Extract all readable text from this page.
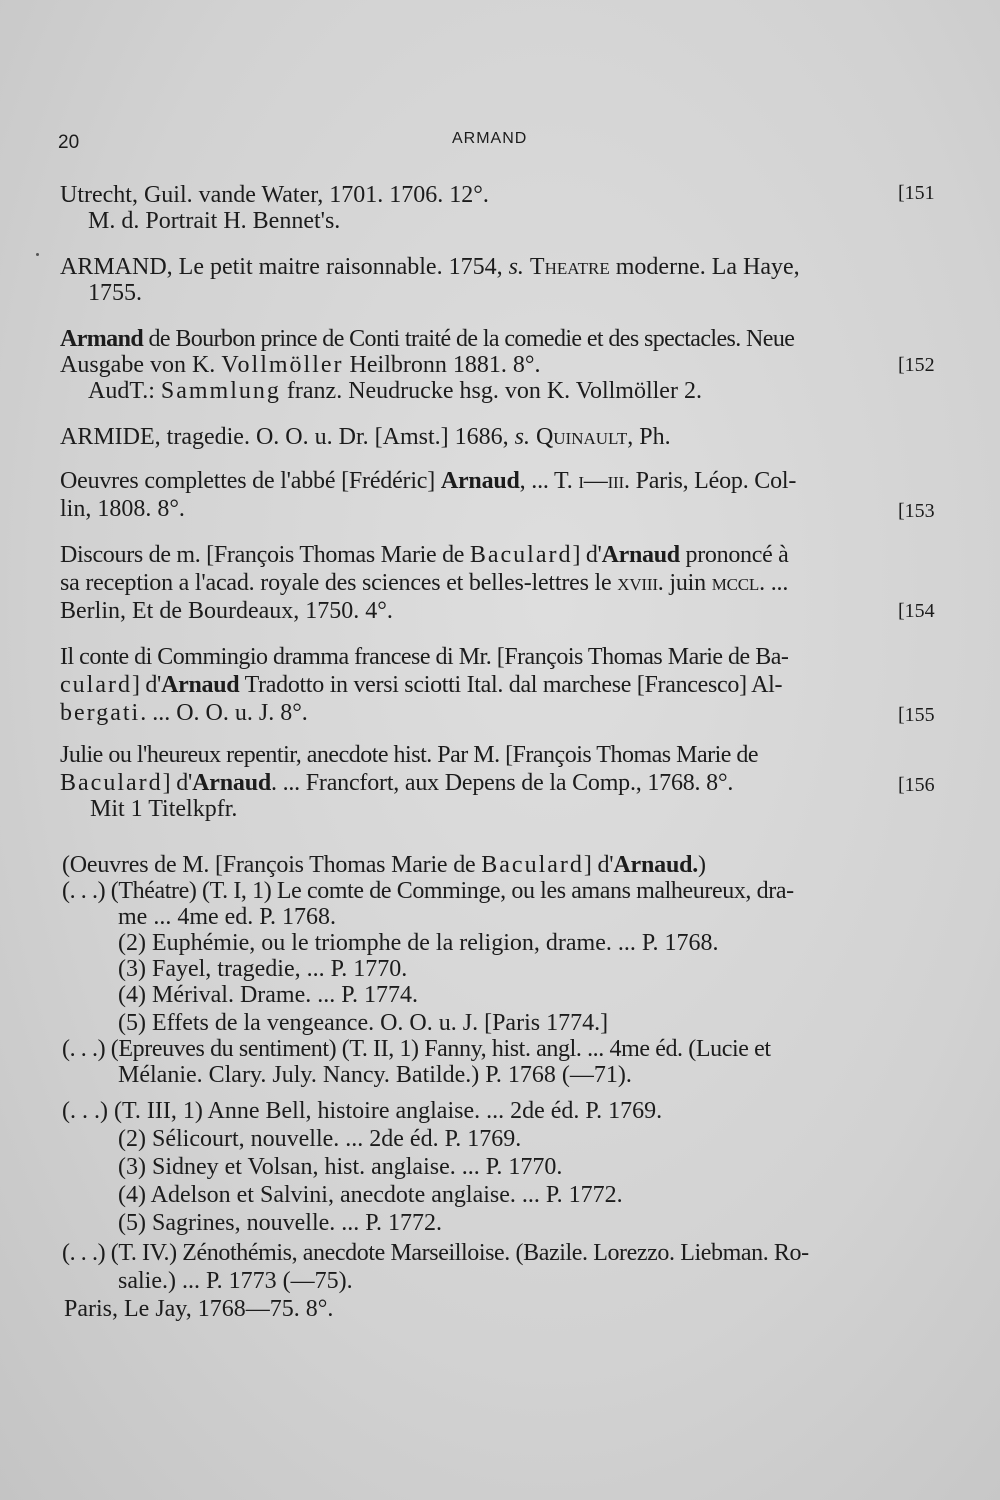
20	ARMAND
Utrecht, Guil. vande Water, 1701. 1706. 12°.	[151
M. d. Portrait H. Bennet's.
ARMAND, Le petit maitre raisonnable. 1754, s. Theatre moderne. La Haye,
1755.
Armand de Bourbon prince de Conti traité de la comedie et des spectacles. Neue
Ausgabe von K. Vollmöller Heilbronn 1881. 8°.	[152
AudT.: Sammlung franz. Neudrucke hsg. von K. Vollmöller 2.
ARMIDE, tragedie. O. O. u. Dr. [Amst.] 1686, s. Quinault, Ph.
Oeuvres complettes de l'abbé [Frédéric] Arnaud, ... T. i—iii. Paris, Léop. Col-
lin, 1808. 8°.	[153
Discours de m. [François Thomas Marie de Baculard] d'Arnaud prononcé à
sa reception a l'acad. royale des sciences et belles-lettres le xviii. juin mccl. ...
Berlin, Et de Bourdeaux, 1750. 4°.	[154
Il conte di Commingio dramma francese di Mr. [François Thomas Marie de Ba-
culard] d'Arnaud Tradotto in versi sciotti Ital. dal marchese [Francesco] Al-
bergati. ... O. O. u. J. 8°.	[155
Julie ou l'heureux repentir, anecdote hist. Par M. [François Thomas Marie de
Baculard] d'Arnaud. ... Francfort, aux Depens de la Comp., 1768. 8°.	[156
Mit 1 Titelkpfr.
(Oeuvres de M. [François Thomas Marie de Baculard] d'Arnaud.)
(. . .) (Théatre) (T. I, 1) Le comte de Comminge, ou les amans malheureux, dra-
me ... 4me ed. P. 1768.
(2) Euphémie, ou le triomphe de la religion, drame. ... P. 1768.
(3) Fayel, tragedie, ... P. 1770.
(4) Mérival. Drame. ... P. 1774.
(5) Effets de la vengeance. O. O. u. J. [Paris 1774.]
(. . .) (Epreuves du sentiment) (T. II, 1) Fanny, hist. angl. ... 4me éd. (Lucie et
Mélanie. Clary. July. Nancy. Batilde.) P. 1768 (—71).
(. . .) (T. III, 1) Anne Bell, histoire anglaise. ... 2de éd. P. 1769.
(2) Sélicourt, nouvelle. ... 2de éd. P. 1769.
(3) Sidney et Volsan, hist. anglaise. ... P. 1770.
(4) Adelson et Salvini, anecdote anglaise. ... P. 1772.
(5) Sagrines, nouvelle. ... P. 1772.
(. . .) (T. IV.) Zénothémis, anecdote Marseilloise. (Bazile. Lorezzo. Liebman. Ro-
salie.) ... P. 1773 (—75).
Paris, Le Jay, 1768—75. 8°.
